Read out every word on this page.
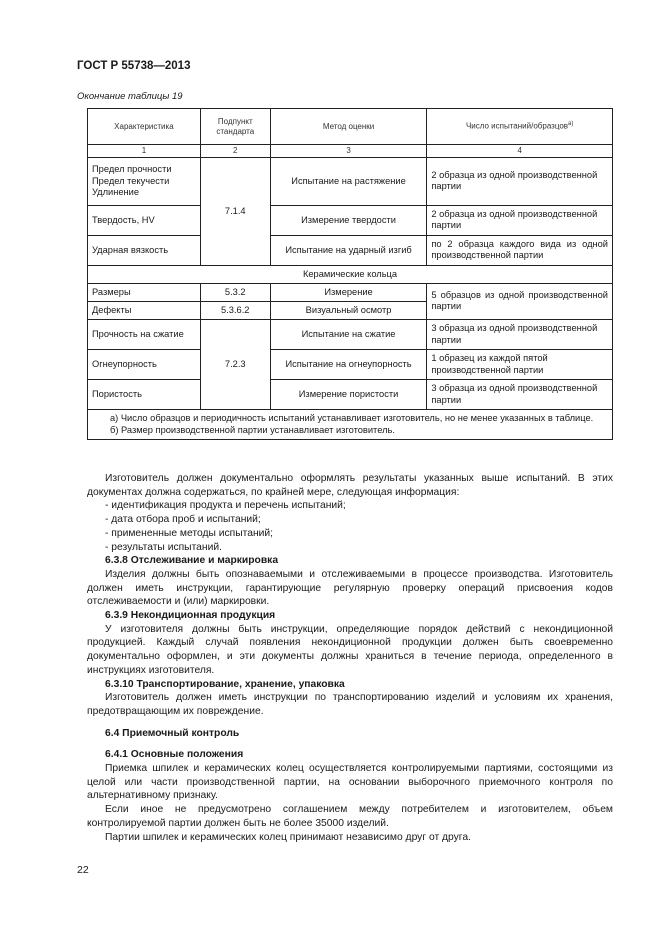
ГОСТ Р 55738—2013
Окончание таблицы 19
Характеристика	Подпункт стандарта	Метод оценки	Число испытаний/образцов$^{а)}$
1	2	3	4

Предел прочности
Предел текучести
Удлинение	7.1.4	Испытание на растяжение	2 образца из одной производственной партии
Твердость, HV		Измерение твердости	2 образца из одной производственной партии
Ударная вязкость		Испытание на ударный изгиб	по 2 образца каждого вида из одной производственной партии
Керамические кольца			
Размеры	5.3.2	Измерение	5 образцов из одной производственной партии
Дефекты	5.3.6.2	Визуальный осмотр	
Прочность на сжатие	7.2.3	Испытание на сжатие	3 образца из одной производственной партии
Огнеупорность		Испытание на огнеупорность	1 образец из каждой пятой производственной партии
Пористость		Измерение пористости	3 образца из одной производственной партии

а) Число образцов и периодичность испытаний устанавливает изготовитель, но не менее указанных в таблице.
б) Размер производственной партии устанавливает изготовитель.			

Изготовитель должен документально оформлять результаты указанных выше испытаний. В этих документах должна содержаться, по крайней мере, следующая информация:

- идентификация продукта и перечень испытаний;

- дата отбора проб и испытаний;

- примененные методы испытаний;

- результаты испытаний.

6.3.8 Отслеживание и маркировка

Изделия должны быть опознаваемыми и отслеживаемыми в процессе производства. Изготовитель должен иметь инструкции, гарантирующие регулярную проверку операций присвоения кодов отслеживаемости и (или) маркировки.

6.3.9 Некондиционная продукция

У изготовителя должны быть инструкции, определяющие порядок действий с некондиционной продукцией. Каждый случай появления некондиционной продукции должен быть своевременно документально оформлен, и эти документы должны храниться в течение периода, определенного в инструкциях изготовителя.

6.3.10 Транспортирование, хранение, упаковка

Изготовитель должен иметь инструкции по транспортированию изделий и условиям их хранения, предотвращающим их повреждение.

6.4 Приемочный контроль

6.4.1 Основные положения

Приемка шпилек и керамических колец осуществляется контролируемыми партиями, состоящими из целой или части производственной партии, на основании выборочного приемочного контроля по альтернативному признаку.

Если иное не предусмотрено соглашением между потребителем и изготовителем, объем контролируемой партии должен быть не более 35000 изделий.

Партии шпилек и керамических колец принимают независимо друг от друга.

22
